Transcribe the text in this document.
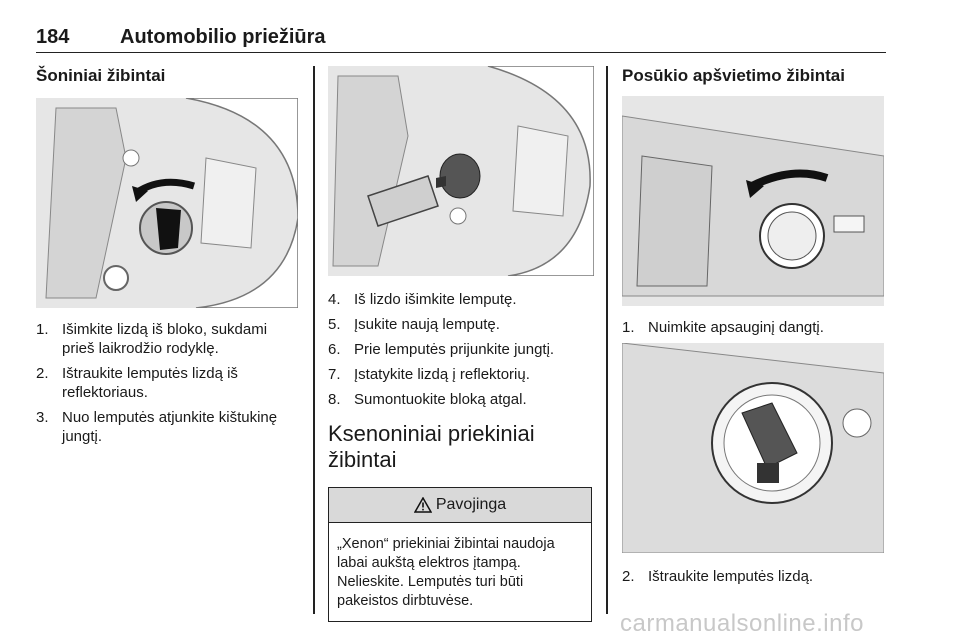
184	Automobilio priežiūra
Šoniniai žibintai
1. Išimkite lizdą iš bloko, sukdami prieš laikrodžio rodyklę.
2. Ištraukite lemputės lizdą iš reflektoriaus.
3. Nuo lemputės atjunkite kištukinę jungtį.
4. Iš lizdo išimkite lemputę.
5. Įsukite naują lemputę.
6. Prie lemputės prijunkite jungtį.
7. Įstatykite lizdą į reflektorių.
8. Sumontuokite bloką atgal.
Ksenoniniai priekiniai
žibintai
Pavojinga
„Xenon“ priekiniai žibintai naudoja labai aukštą elektros įtampą. Nelieskite. Lemputės turi būti pakeistos dirbtuvėse.
Posūkio apšvietimo žibintai
1. Nuimkite apsauginį dangtį.
2. Ištraukite lemputės lizdą.
carmanualsonline.info
